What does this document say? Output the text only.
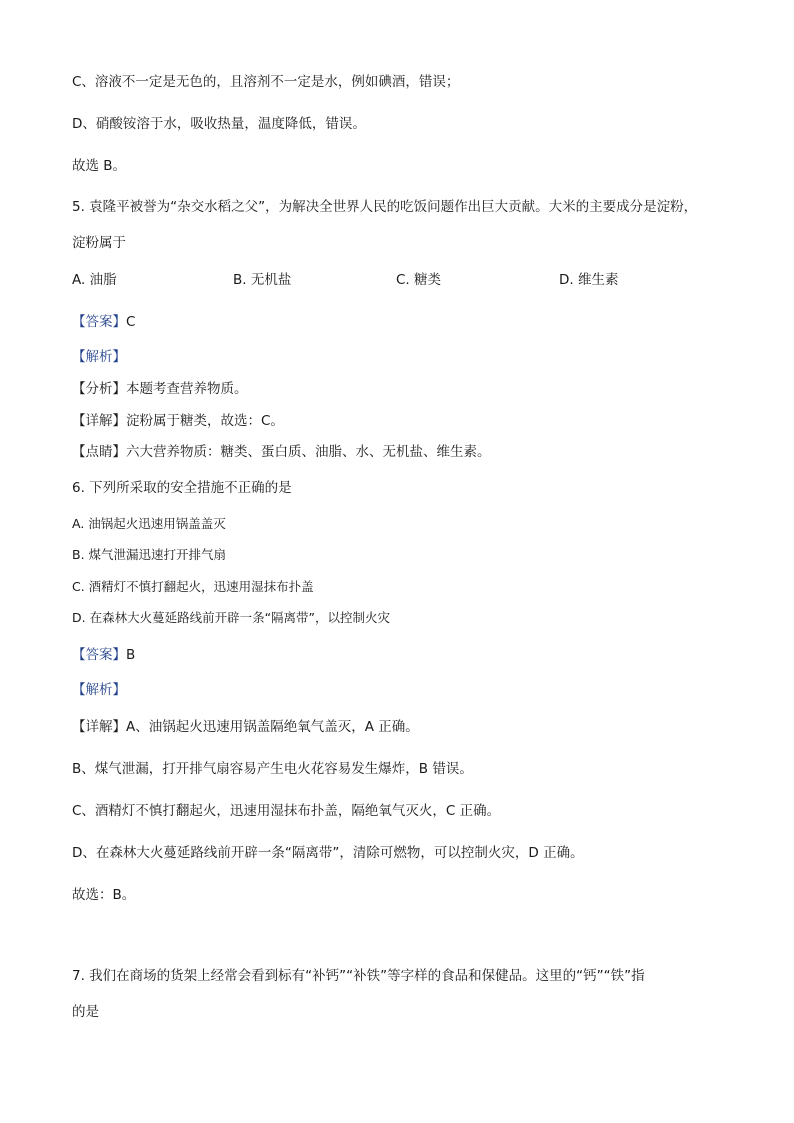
C、溶液不一定是无色的，且溶剂不一定是水，例如碘酒，错误；
D、硝酸铵溶于水，吸收热量，温度降低，错误。
故选 B。
5. 袁隆平被誉为“杂交水稻之父”，为解决全世界人民的吃饭问题作出巨大贡献。大米的主要成分是淀粉，
淀粉属于
A. 油脂	B. 无机盐	C. 糖类	D. 维生素
【答案】C
【解析】
【分析】本题考查营养物质。
【详解】淀粉属于糖类，故选：C。
【点睛】六大营养物质：糖类、蛋白质、油脂、水、无机盐、维生素。
6. 下列所采取的安全措施不正确的是
A. 油锅起火迅速用锅盖盖灭
B. 煤气泄漏迅速打开排气扇
C. 酒精灯不慎打翻起火，迅速用湿抹布扑盖
D. 在森林大火蔓延路线前开辟一条“隔离带”，以控制火灾
【答案】B
【解析】
【详解】A、油锅起火迅速用锅盖隔绝氧气盖灭，A 正确。
B、煤气泄漏，打开排气扇容易产生电火花容易发生爆炸，B 错误。
C、酒精灯不慎打翻起火，迅速用湿抹布扑盖，隔绝氧气灭火，C 正确。
D、在森林大火蔓延路线前开辟一条“隔离带”，清除可燃物，可以控制火灾，D 正确。
故选：B。
7. 我们在商场的货架上经常会看到标有“补钙”“补铁”等字样的食品和保健品。这里的“钙”“铁”指
的是
